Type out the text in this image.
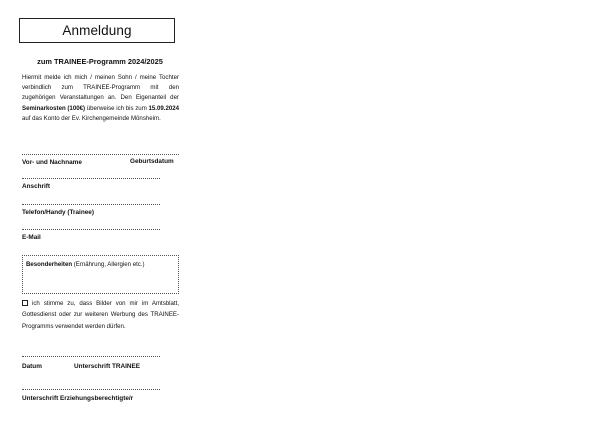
Anmeldung
zum TRAINEE-Programm 2024/2025
Hiermit melde ich mich / meinen Sohn / meine Tochter verbindlich zum TRAINEE-Programm mit den zugehörigen Veranstaltungen an. Den Eigenanteil der Seminarkosten (100€) überweise ich bis zum 15.09.2024 auf das Konto der Ev. Kirchengemeinde Mönsheim.
Vor- und Nachname	Geburtsdatum
Anschrift
Telefon/Handy (Trainee)
E-Mail
Besonderheiten (Ernährung, Allergien etc.)
ich stimme zu, dass Bilder von mir im Amtsblatt, Gottesdienst oder zur weiteren Werbung des TRAINEE-Programms verwendet werden dürfen.
Datum	Unterschrift TRAINEE
Unterschrift Erziehungsberechtigte/r
